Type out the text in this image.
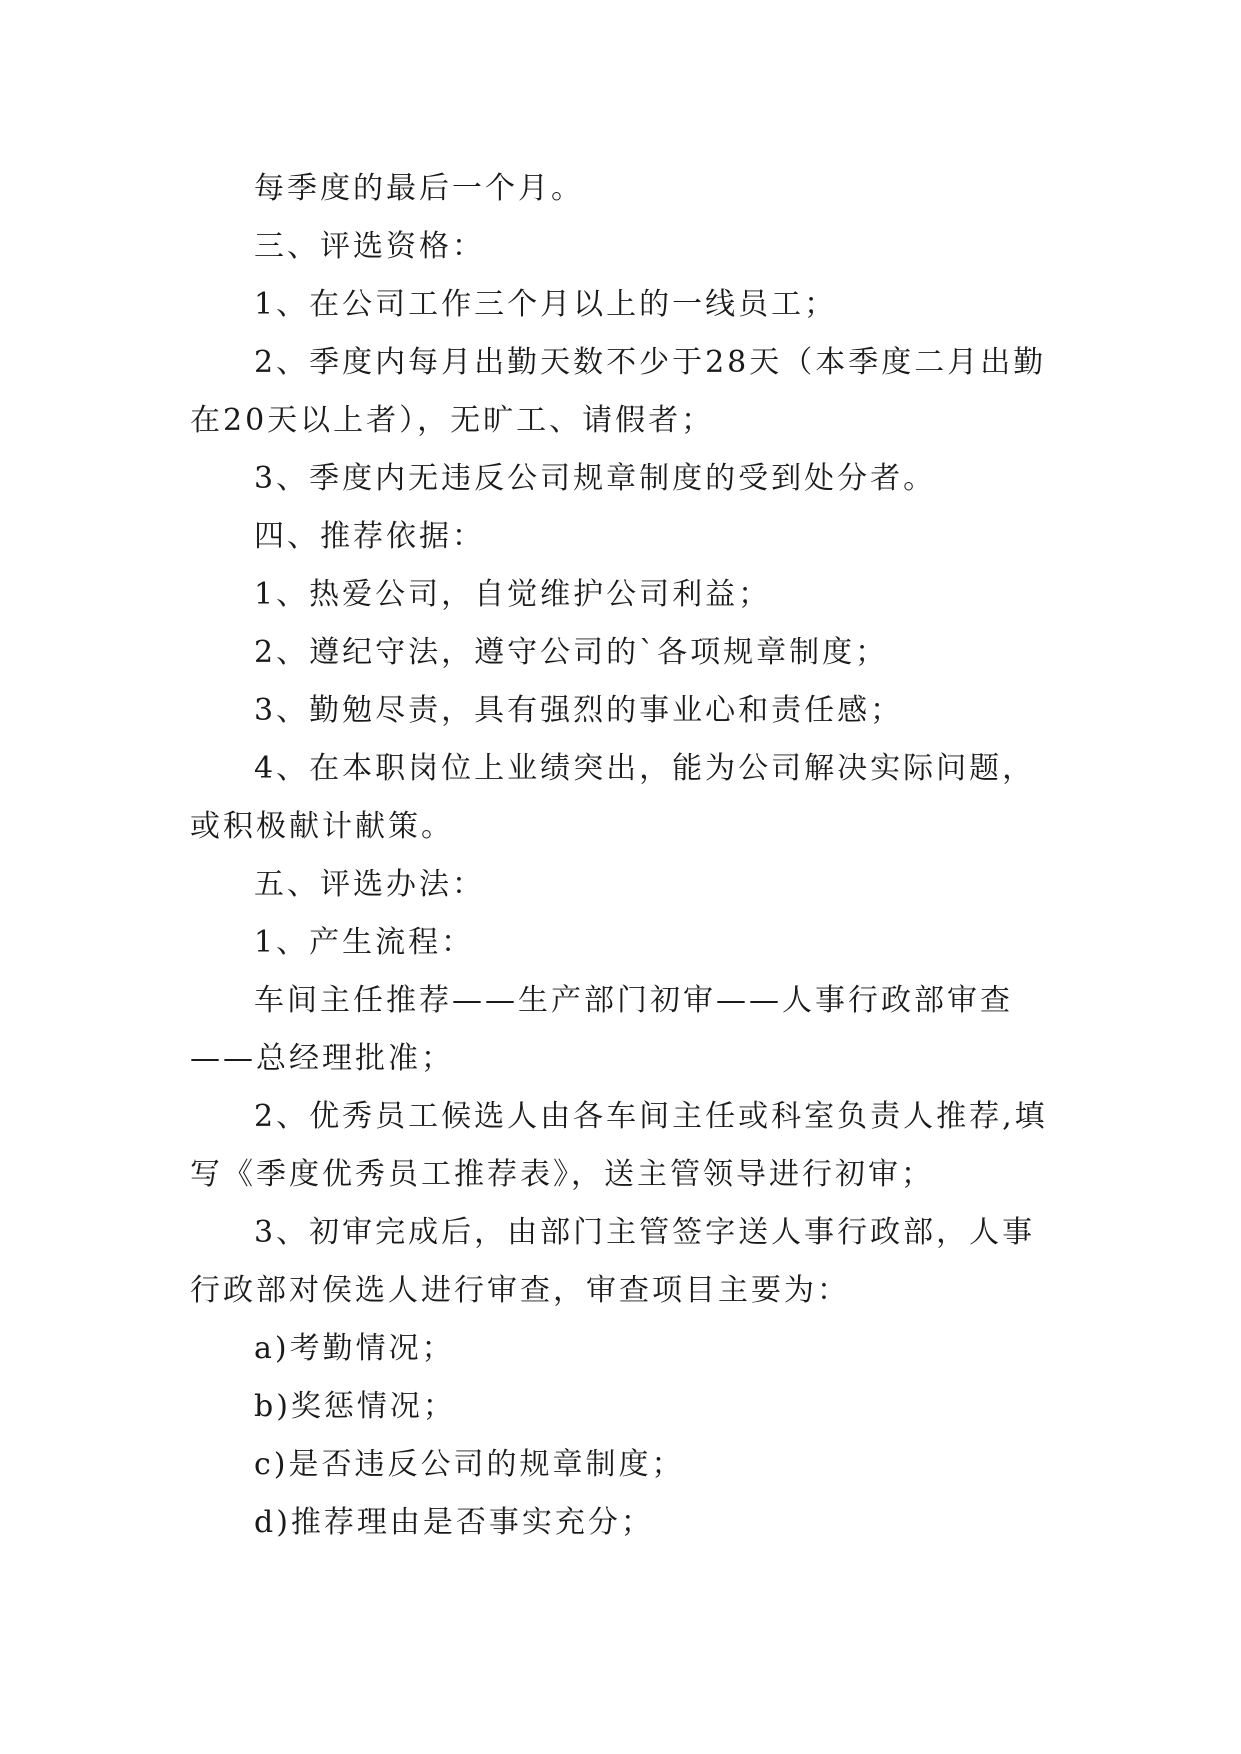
每季度的最后一个月。

三、评选资格：

1、在公司工作三个月以上的一线员工；

2、季度内每月出勤天数不少于28天（本季度二月出勤在20天以上者），无旷工、请假者；

3、季度内无违反公司规章制度的受到处分者。

四、推荐依据：

1、热爱公司，自觉维护公司利益；

2、遵纪守法，遵守公司的`各项规章制度；

3、勤勉尽责，具有强烈的事业心和责任感；

4、在本职岗位上业绩突出，能为公司解决实际问题，或积极献计献策。

五、评选办法：

1、产生流程：

车间主任推荐——生产部门初审——人事行政部审查——总经理批准；

2、优秀员工候选人由各车间主任或科室负责人推荐,填写《季度优秀员工推荐表》，送主管领导进行初审；

3、初审完成后，由部门主管签字送人事行政部，人事行政部对侯选人进行审查，审查项目主要为：

a)考勤情况；

b)奖惩情况；

c)是否违反公司的规章制度；

d)推荐理由是否事实充分；
